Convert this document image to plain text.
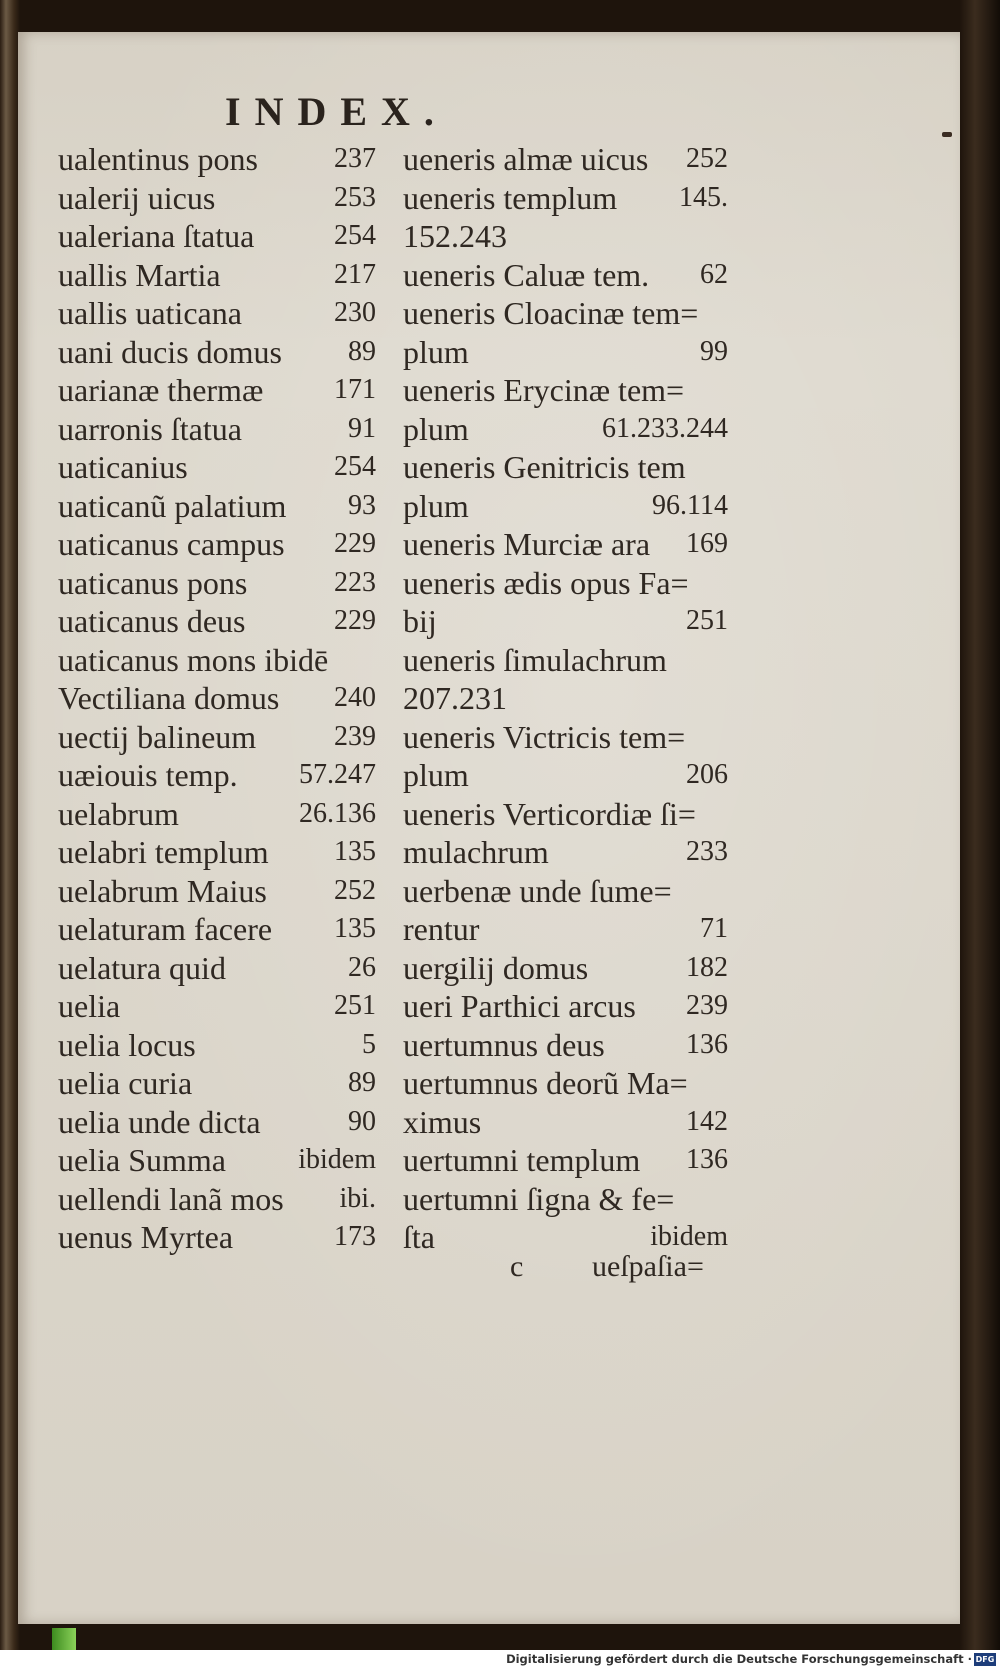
INDEX.
ualentinus pons	237
ualerij uicus	253
ualeriana ſtatua	254
uallis Martia	217
uallis uaticana	230
uani ducis domus 89
uarianæ thermæ	171
uarronis ſtatua	91
uaticanius	254
uaticanũ palatium 93
uaticanus campus 229
uaticanus pons	223
uaticanus deus	229
uaticanus mons ibidē
Vectiliana domus 240
uectij balineum	239
uæiouis temp. 57.247
uelabrum	26.136
uelabri templum 135
uelabrum Maius 252
uelaturam facere 135
uelatura quid	26
uelia	251
uelia locus	5
uelia curia	89
uelia unde dicta	90
uelia Summa	ibidem
uellendi lanã mos ibi.
uenus Myrtea	173
ueneris almæ uicus 252
ueneris templum 145.
152.243
ueneris Caluæ tem. 62
ueneris Cloacinæ tem=
plum	99
ueneris Erycinæ tem=
plum	61.233.244
ueneris Genitricis tem
plum	96.114
ueneris Murciæ ara 169
ueneris ædis opus Fa=
bij	251
ueneris ſimulachrum
207.231
ueneris Victricis tem=
plum	206
ueneris Verticordiæ ſi=
mulachrum	233
uerbenæ unde ſume=
rentur	71
uergilij domus	182
ueri Parthici arcus 239
uertumnus deus	136
uertumnus deorũ Ma=
ximus	142
uertumni templum 136
uertumni ſigna & fe=
ſta	ibidem
c ueſpaſia=
Digitalisierung gefördert durch die Deutsche Forschungsgemeinschaft · DFG
